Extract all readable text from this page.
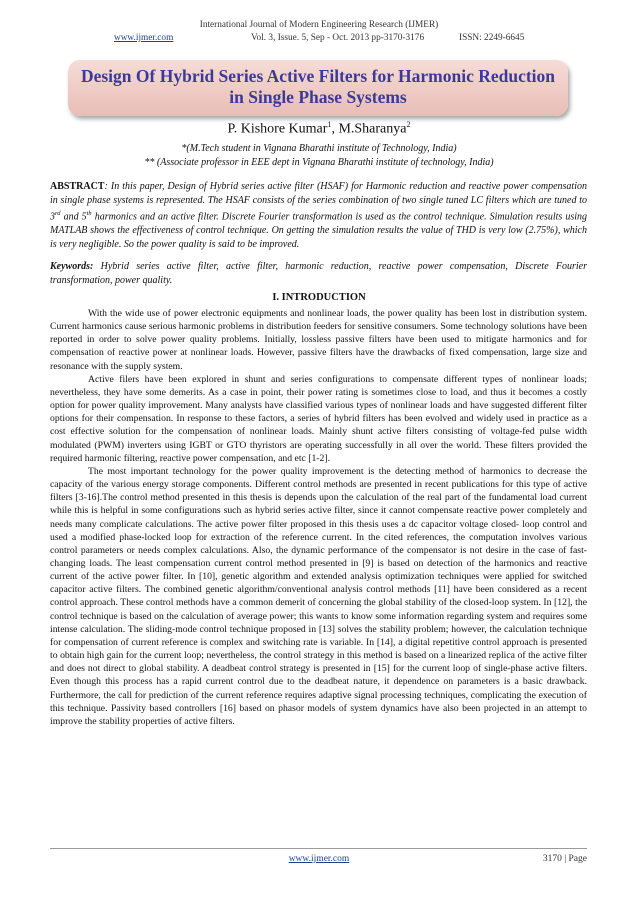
International Journal of Modern Engineering Research (IJMER)
www.ijmer.com	Vol. 3, Issue. 5, Sep - Oct. 2013 pp-3170-3176	ISSN: 2249-6645
Design Of Hybrid Series Active Filters for Harmonic Reduction
in Single Phase Systems
P. Kishore Kumar$^1$, M.Sharanya$^2$
*(M.Tech student in Vignana Bharathi institute of Technology, India)
** (Associate professor in EEE dept in Vignana Bharathi institute of technology, India)
ABSTRACT: In this paper, Design of Hybrid series active filter (HSAF) for Harmonic reduction and reactive power compensation in single phase systems is represented. The HSAF consists of the series combination of two single tuned LC filters which are tuned to 3rd and 5th harmonics and an active filter. Discrete Fourier transformation is used as the control technique. Simulation results using MATLAB shows the effectiveness of control technique. On getting the simulation results the value of THD is very low (2.75%), which is very negligible. So the power quality is said to be improved.
Keywords: Hybrid series active filter, active filter, harmonic reduction, reactive power compensation, Discrete Fourier transformation, power quality.
I. INTRODUCTION

With the wide use of power electronic equipments and nonlinear loads, the power quality has been lost in distribution system. Current harmonics cause serious harmonic problems in distribution feeders for sensitive consumers. Some technology solutions have been reported in order to solve power quality problems. Initially, lossless passive filters have been used to mitigate harmonics and for compensation of reactive power at nonlinear loads. However, passive filters have the drawbacks of fixed compensation, large size and resonance with the supply system.

Active filers have been explored in shunt and series configurations to compensate different types of nonlinear loads; nevertheless, they have some demerits. As a case in point, their power rating is sometimes close to load, and thus it becomes a costly option for power quality improvement. Many analysts have classified various types of nonlinear loads and have suggested different filter options for their compensation. In response to these factors, a series of hybrid filters has been evolved and widely used in practice as a cost effective solution for the compensation of nonlinear loads. Mainly shunt active filters consisting of voltage-fed pulse width modulated (PWM) inverters using IGBT or GTO thyristors are operating successfully in all over the world. These filters provided the required harmonic filtering, reactive power compensation, and etc [1-2].

The most important technology for the power quality improvement is the detecting method of harmonics to decrease the capacity of the various energy storage components. Different control methods are presented in recent publications for this type of active filters [3-16].The control method presented in this thesis is depends upon the calculation of the real part of the fundamental load current while this is helpful in some configurations such as hybrid series active filter, since it cannot compensate reactive power completely and needs many complicate calculations. The active power filter proposed in this thesis uses a dc capacitor voltage closed- loop control and used a modified phase-locked loop for extraction of the reference current. In the cited references, the computation involves various control parameters or needs complex calculations. Also, the dynamic performance of the compensator is not desire in the case of fast-changing loads. The least compensation current control method presented in [9] is based on detection of the harmonics and reactive current of the active power filter. In [10], genetic algorithm and extended analysis optimization techniques were applied for switched capacitor active filters. The combined genetic algorithm/conventional analysis control methods [11] have been considered as a recent control approach. These control methods have a common demerit of concerning the global stability of the closed-loop system. In [12], the control technique is based on the calculation of average power; this wants to know some information regarding system and requires some intense calculation. The sliding-mode control technique proposed in [13] solves the stability problem; however, the calculation technique for compensation of current reference is complex and switching rate is variable. In [14], a digital repetitive control approach is presented to obtain high gain for the current loop; nevertheless, the control strategy in this method is based on a linearized replica of the active filter and does not direct to global stability. A deadbeat control strategy is presented in [15] for the current loop of single-phase active filters. Even though this process has a rapid current control due to the deadbeat nature, it dependence on parameters is a basic drawback. Furthermore, the call for prediction of the current reference requires adaptive signal processing techniques, complicating the execution of this technique. Passivity based controllers [16] based on phasor models of system dynamics have also been projected in an attempt to improve the stability properties of active filters.

www.ijmer.com	3170 | Page
